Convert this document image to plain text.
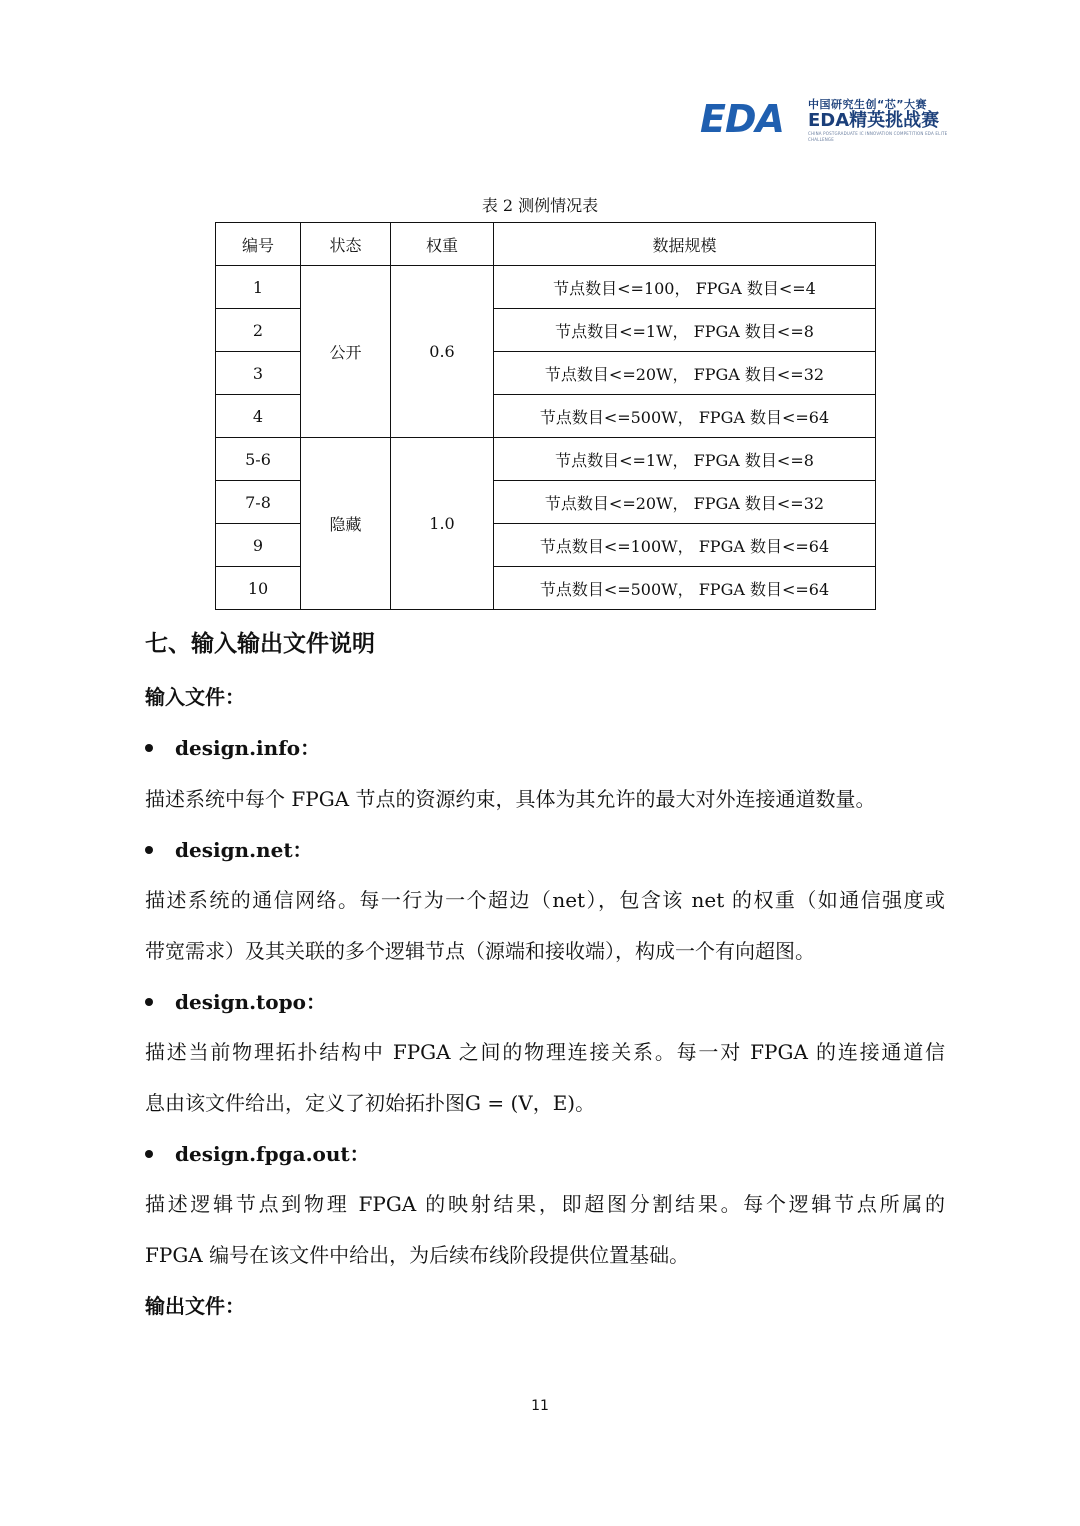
EDA 中国研究生创“芯”大赛
EDA精英挑战赛
CHINA POSTGRADUATE IC INNOVATION COMPETITION EDA ELITE CHALLENGE
表 2 测例情况表
编号	状态	权重	数据规模
1	公开	0.6	节点数目<=100， FPGA 数目<=4
2			节点数目<=1W， FPGA 数目<=8
3			节点数目<=20W， FPGA 数目<=32
4			节点数目<=500W， FPGA 数目<=64
5-6	隐藏	1.0	节点数目<=1W， FPGA 数目<=8
7-8			节点数目<=20W， FPGA 数目<=32
9			节点数目<=100W， FPGA 数目<=64
10			节点数目<=500W， FPGA 数目<=64
七、输入输出文件说明
输入文件：
design.info：
描述系统中每个 FPGA 节点的资源约束，具体为其允许的最大对外连接通道数量。
design.net：
描述系统的通信网络。每一行为一个超边（net），包含该 net 的权重（如通信强度或
带宽需求）及其关联的多个逻辑节点（源端和接收端），构成一个有向超图。
design.topo：
描述当前物理拓扑结构中 FPGA 之间的物理连接关系。每一对 FPGA 的连接通道信
息由该文件给出，定义了初始拓扑图G = (V，E)。
design.fpga.out：
描述逻辑节点到物理 FPGA 的映射结果，即超图分割结果。每个逻辑节点所属的
FPGA 编号在该文件中给出，为后续布线阶段提供位置基础。
输出文件：
11
